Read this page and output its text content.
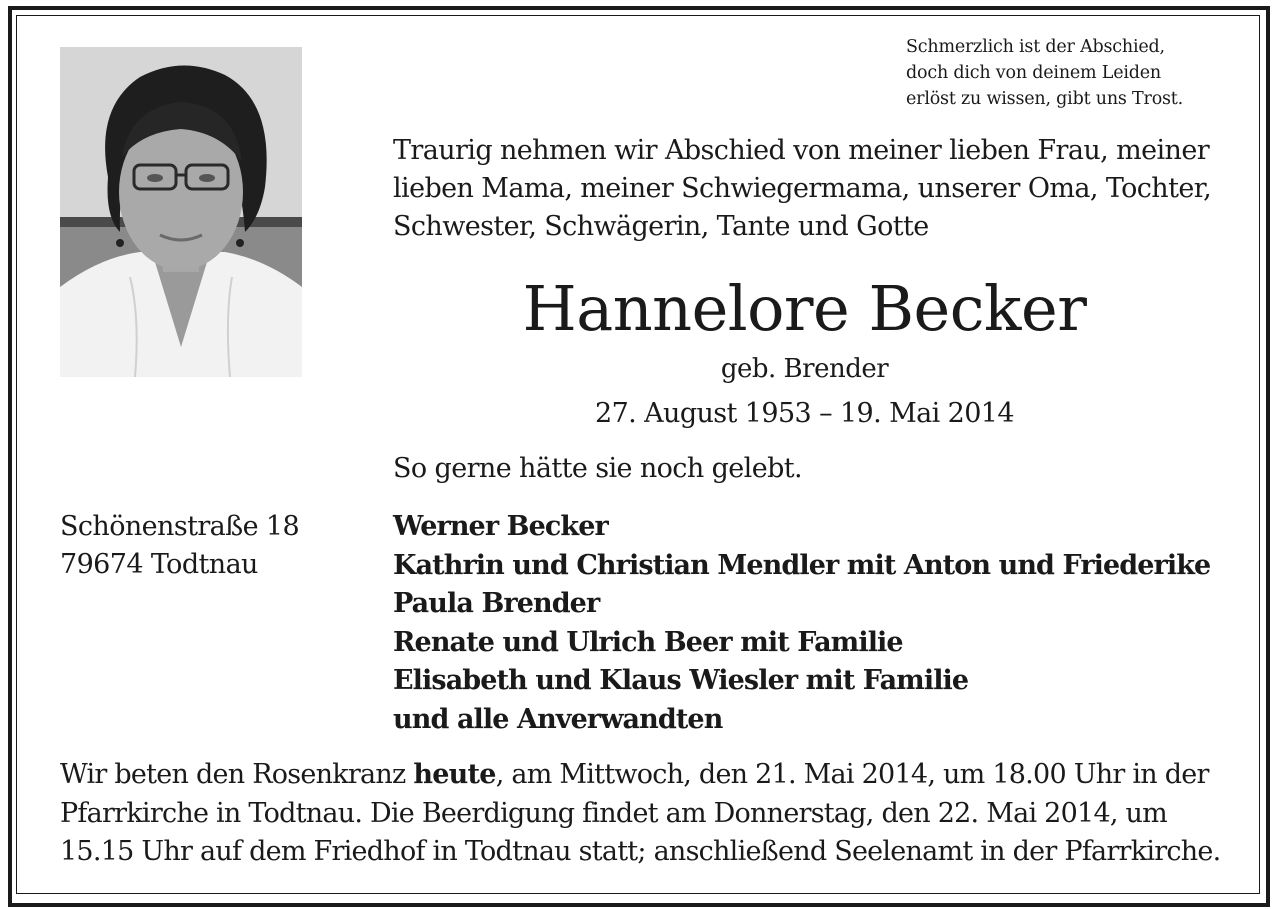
Schmerzlich ist der Abschied,
doch dich von deinem Leiden
erlöst zu wissen, gibt uns Trost.
Traurig nehmen wir Abschied von meiner lieben Frau, meiner
lieben Mama, meiner Schwiegermama, unserer Oma, Tochter,
Schwester, Schwägerin, Tante und Gotte
Hannelore Becker
geb. Brender
27. August 1953 – 19. Mai 2014
So gerne hätte sie noch gelebt.
Schönenstraße 18
79674 Todtnau
Werner Becker
Kathrin und Christian Mendler mit Anton und Friederike
Paula Brender
Renate und Ulrich Beer mit Familie
Elisabeth und Klaus Wiesler mit Familie
und alle Anverwandten
Wir beten den Rosenkranz heute, am Mittwoch, den 21. Mai 2014, um 18.00 Uhr in der
Pfarrkirche in Todtnau. Die Beerdigung findet am Donnerstag, den 22. Mai 2014, um
15.15 Uhr auf dem Friedhof in Todtnau statt; anschließend Seelenamt in der Pfarrkirche.
